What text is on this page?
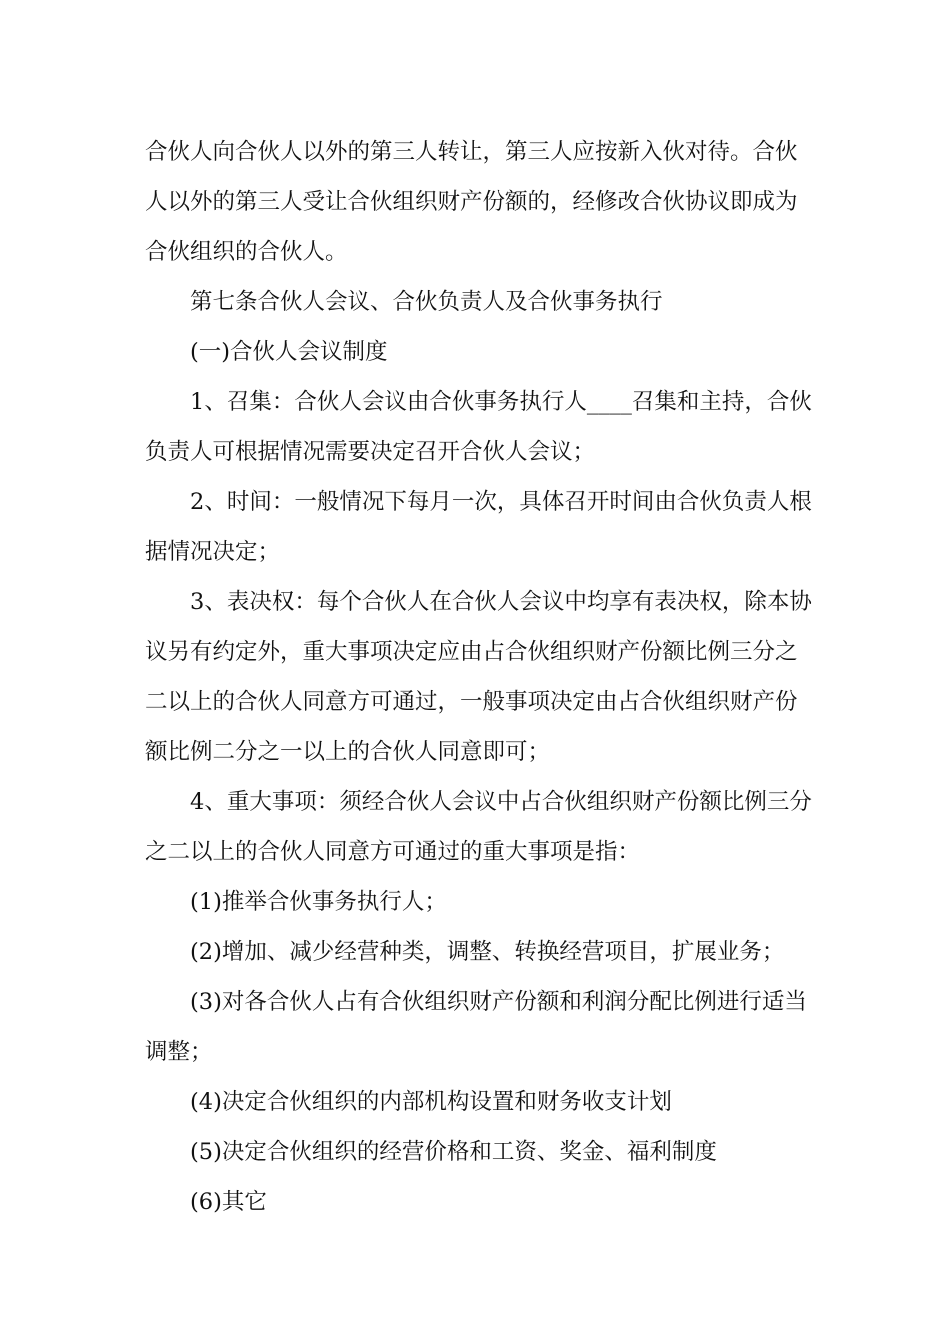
合伙人向合伙人以外的第三人转让，第三人应按新入伙对待。合伙
人以外的第三人受让合伙组织财产份额的，经修改合伙协议即成为
合伙组织的合伙人。
第七条合伙人会议、合伙负责人及合伙事务执行
(一)合伙人会议制度
1、召集：合伙人会议由合伙事务执行人____召集和主持，合伙
负责人可根据情况需要决定召开合伙人会议；
2、时间：一般情况下每月一次，具体召开时间由合伙负责人根
据情况决定；
3、表决权：每个合伙人在合伙人会议中均享有表决权，除本协
议另有约定外，重大事项决定应由占合伙组织财产份额比例三分之
二以上的合伙人同意方可通过，一般事项决定由占合伙组织财产份
额比例二分之一以上的合伙人同意即可；
4、重大事项：须经合伙人会议中占合伙组织财产份额比例三分
之二以上的合伙人同意方可通过的重大事项是指：
(1)推举合伙事务执行人；
(2)增加、减少经营种类，调整、转换经营项目，扩展业务；
(3)对各合伙人占有合伙组织财产份额和利润分配比例进行适当
调整；
(4)决定合伙组织的内部机构设置和财务收支计划
(5)决定合伙组织的经营价格和工资、奖金、福利制度
(6)其它
